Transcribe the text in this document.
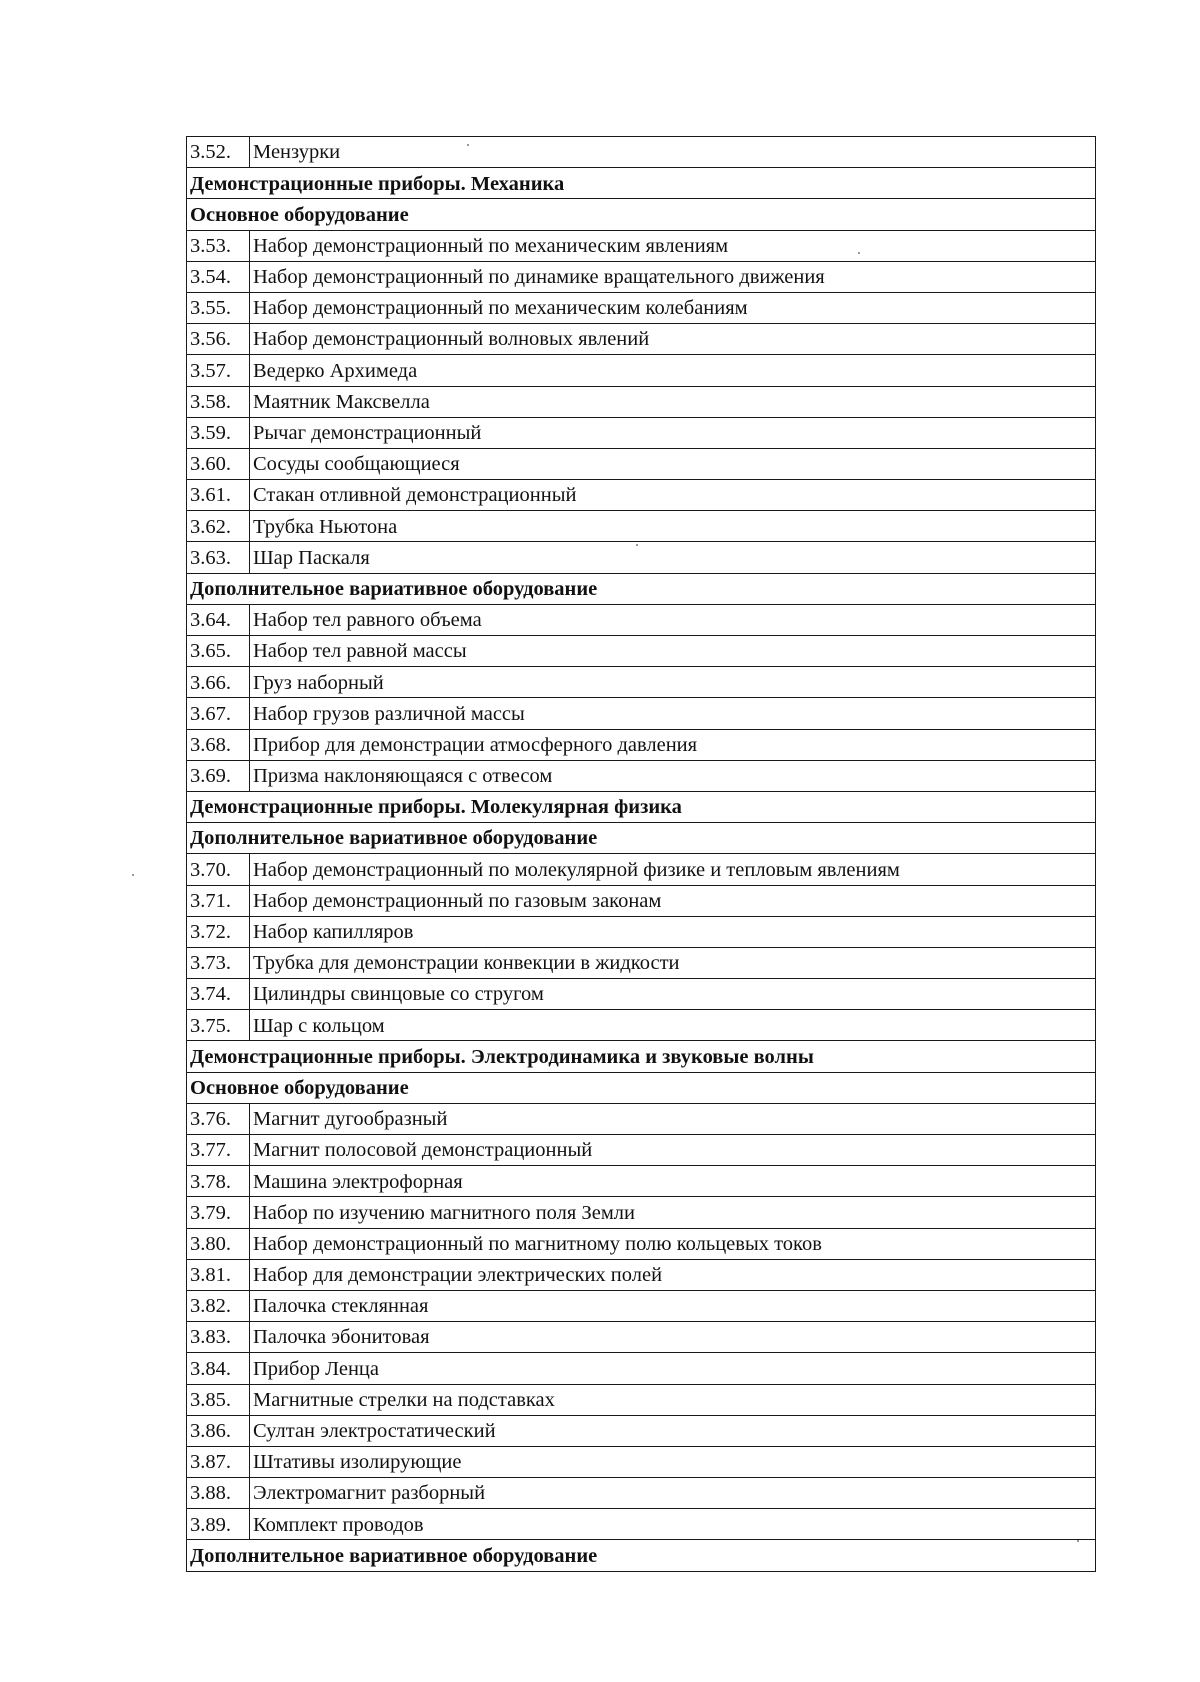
3.52.	Мензурки
Демонстрационные приборы. Механика	
Основное оборудование	
3.53.	Набор демонстрационный по механическим явлениям
3.54.	Набор демонстрационный по динамике вращательного движения
3.55.	Набор демонстрационный по механическим колебаниям
3.56.	Набор демонстрационный волновых явлений
3.57.	Ведерко Архимеда
3.58.	Маятник Максвелла
3.59.	Рычаг демонстрационный
3.60.	Сосуды сообщающиеся
3.61.	Стакан отливной демонстрационный
3.62.	Трубка Ньютона
3.63.	Шар Паскаля
Дополнительное вариативное оборудование	
3.64.	Набор тел равного объема
3.65.	Набор тел равной массы
3.66.	Груз наборный
3.67.	Набор грузов различной массы
3.68.	Прибор для демонстрации атмосферного давления
3.69.	Призма наклоняющаяся с отвесом
Демонстрационные приборы. Молекулярная физика	
Дополнительное вариативное оборудование	
3.70.	Набор демонстрационный по молекулярной физике и тепловым явлениям
3.71.	Набор демонстрационный по газовым законам
3.72.	Набор капилляров
3.73.	Трубка для демонстрации конвекции в жидкости
3.74.	Цилиндры свинцовые со стругом
3.75.	Шар с кольцом
Демонстрационные приборы. Электродинамика и звуковые волны	
Основное оборудование	
3.76.	Магнит дугообразный
3.77.	Магнит полосовой демонстрационный
3.78.	Машина электрофорная
3.79.	Набор по изучению магнитного поля Земли
3.80.	Набор демонстрационный по магнитному полю кольцевых токов
3.81.	Набор для демонстрации электрических полей
3.82.	Палочка стеклянная
3.83.	Палочка эбонитовая
3.84.	Прибор Ленца
3.85.	Магнитные стрелки на подставках
3.86.	Султан электростатический
3.87.	Штативы изолирующие
3.88.	Электромагнит разборный
3.89.	Комплект проводов
Дополнительное вариативное оборудование	
